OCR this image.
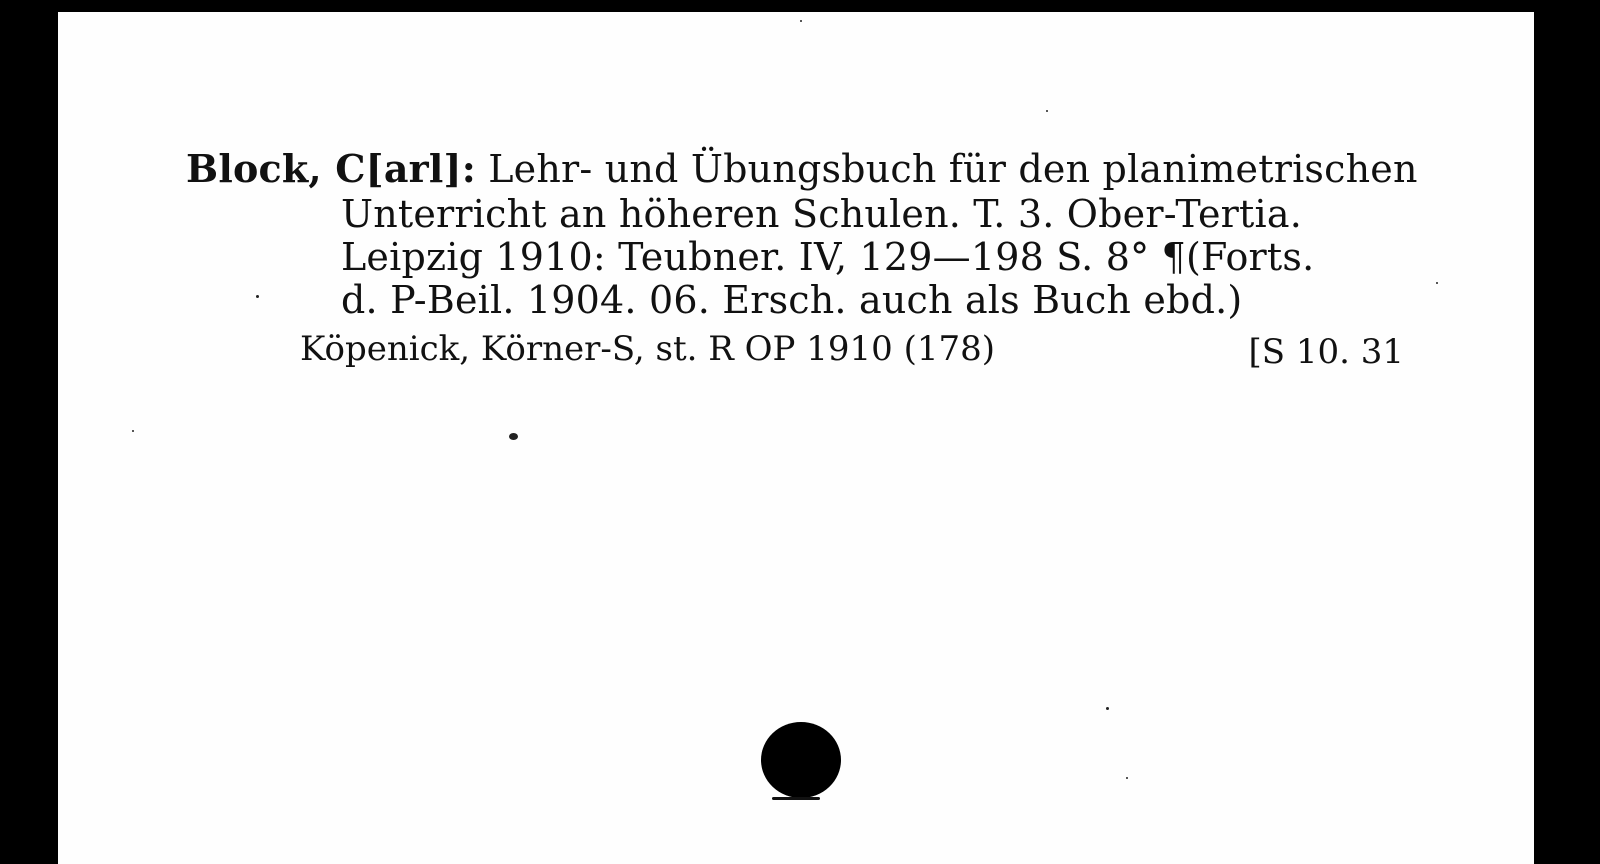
Block, C[arl]: Lehr- und Übungsbuch für den planimetrischen
Unterricht an höheren Schulen. T. 3. Ober-Tertia.
Leipzig 1910: Teubner. IV, 129—198 S. 8° ¶(Forts.
d. P-Beil. 1904. 06. Ersch. auch als Buch ebd.)
Köpenick, Körner-S, st. R OP 1910 (178)	[S 10. 31
